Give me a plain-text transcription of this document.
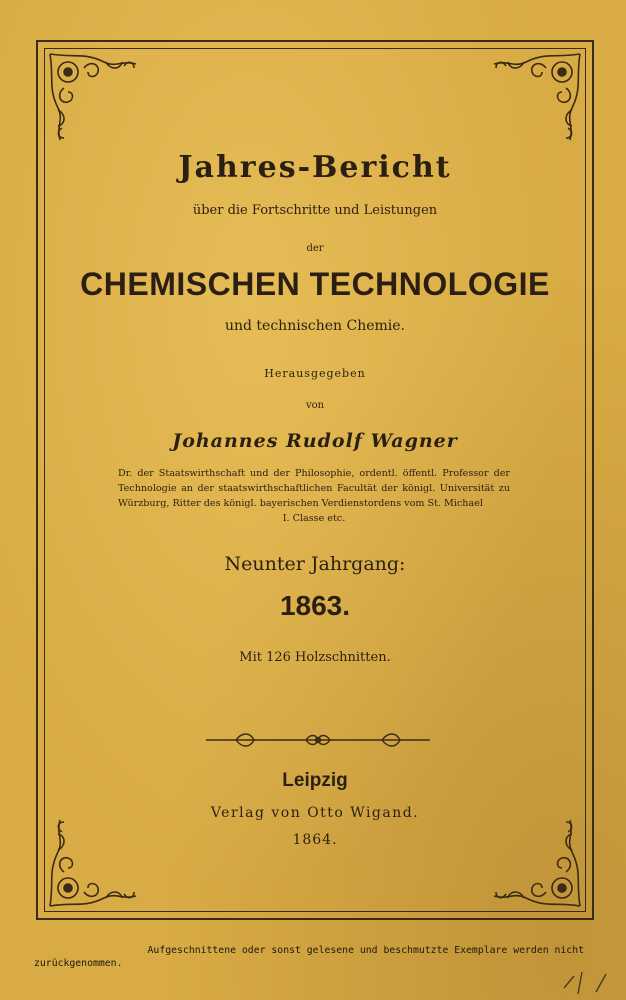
Jahres-Bericht
über die Fortschritte und Leistungen
der
CHEMISCHEN TECHNOLOGIE
und technischen Chemie.
Herausgegeben
von
Johannes Rudolf Wagner
Dr. der Staatswirthschaft und der Philosophie, ordentl. öffentl. Professor der Technologie an der staatswirthschaftlichen Facultät der königl. Universität zu Würzburg, Ritter des königl. bayerischen Verdienstordens vom St. Michael
I. Classe etc.
Neunter Jahrgang:
1863.
Mit 126 Holzschnitten.
Leipzig
Verlag von Otto Wigand.
1864.
Aufgeschnittene oder sonst gelesene und beschmutzte Exemplare werden nicht
zurückgenommen.
